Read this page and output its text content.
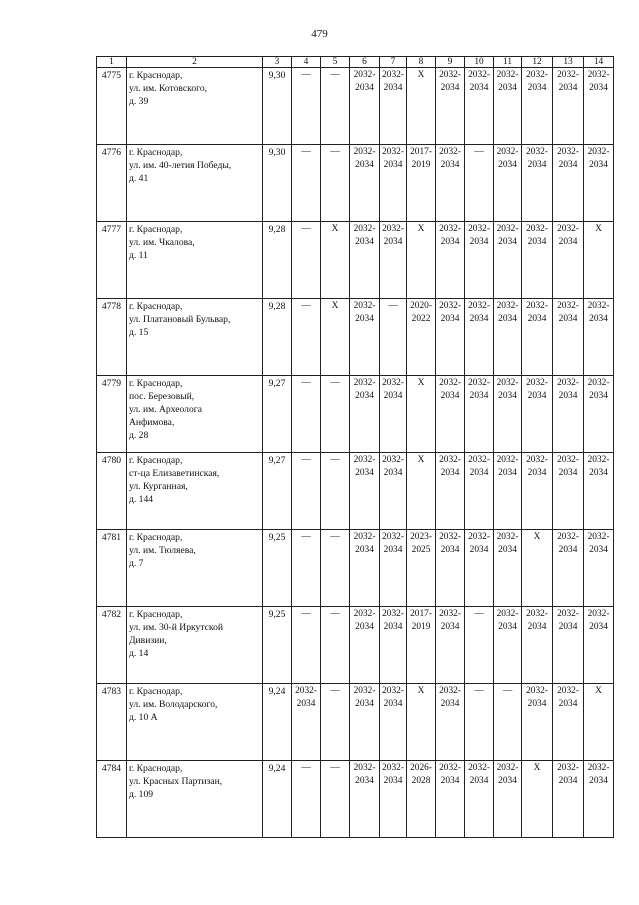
479
1	2	3	4	5	6	7	8	9	10	11	12	13	14
4775	г. Краснодар,
ул. им. Котовского,
д. 39	9,30	—	—	2032-
2034	2032-
2034	Х	2032-
2034	2032-
2034	2032-
2034	2032-
2034	2032-
2034	2032-
2034
4776	г. Краснодар,
ул. им. 40-летия Победы,
д. 41	9,30	—	—	2032-
2034	2032-
2034	2017-
2019	2032-
2034	—	2032-
2034	2032-
2034	2032-
2034	2032-
2034
4777	г. Краснодар,
ул. им. Чкалова,
д. 11	9,28	—	Х	2032-
2034	2032-
2034	Х	2032-
2034	2032-
2034	2032-
2034	2032-
2034	2032-
2034	Х
4778	г. Краснодар,
ул. Платановый Бульвар,
д. 15	9,28	—	Х	2032-
2034	—	2020-
2022	2032-
2034	2032-
2034	2032-
2034	2032-
2034	2032-
2034	2032-
2034
4779	г. Краснодар,
пос. Березовый,
ул. им. Археолога
Анфимова,
д. 28	9,27	—	—	2032-
2034	2032-
2034	Х	2032-
2034	2032-
2034	2032-
2034	2032-
2034	2032-
2034	2032-
2034
4780	г. Краснодар,
ст-ца Елизаветинская,
ул. Курганная,
д. 144	9,27	—	—	2032-
2034	2032-
2034	Х	2032-
2034	2032-
2034	2032-
2034	2032-
2034	2032-
2034	2032-
2034
4781	г. Краснодар,
ул. им. Тюляева,
д. 7	9,25	—	—	2032-
2034	2032-
2034	2023-
2025	2032-
2034	2032-
2034	2032-
2034	Х	2032-
2034	2032-
2034
4782	г. Краснодар,
ул. им. 30-й Иркутской
Дивизии,
д. 14	9,25	—	—	2032-
2034	2032-
2034	2017-
2019	2032-
2034	—	2032-
2034	2032-
2034	2032-
2034	2032-
2034
4783	г. Краснодар,
ул. им. Володарского,
д. 10 А	9,24	2032-
2034	—	2032-
2034	2032-
2034	Х	2032-
2034	—	—	2032-
2034	2032-
2034	Х
4784	г. Краснодар,
ул. Красных Партизан,
д. 109	9,24	—	—	2032-
2034	2032-
2034	2026-
2028	2032-
2034	2032-
2034	2032-
2034	Х	2032-
2034	2032-
2034
